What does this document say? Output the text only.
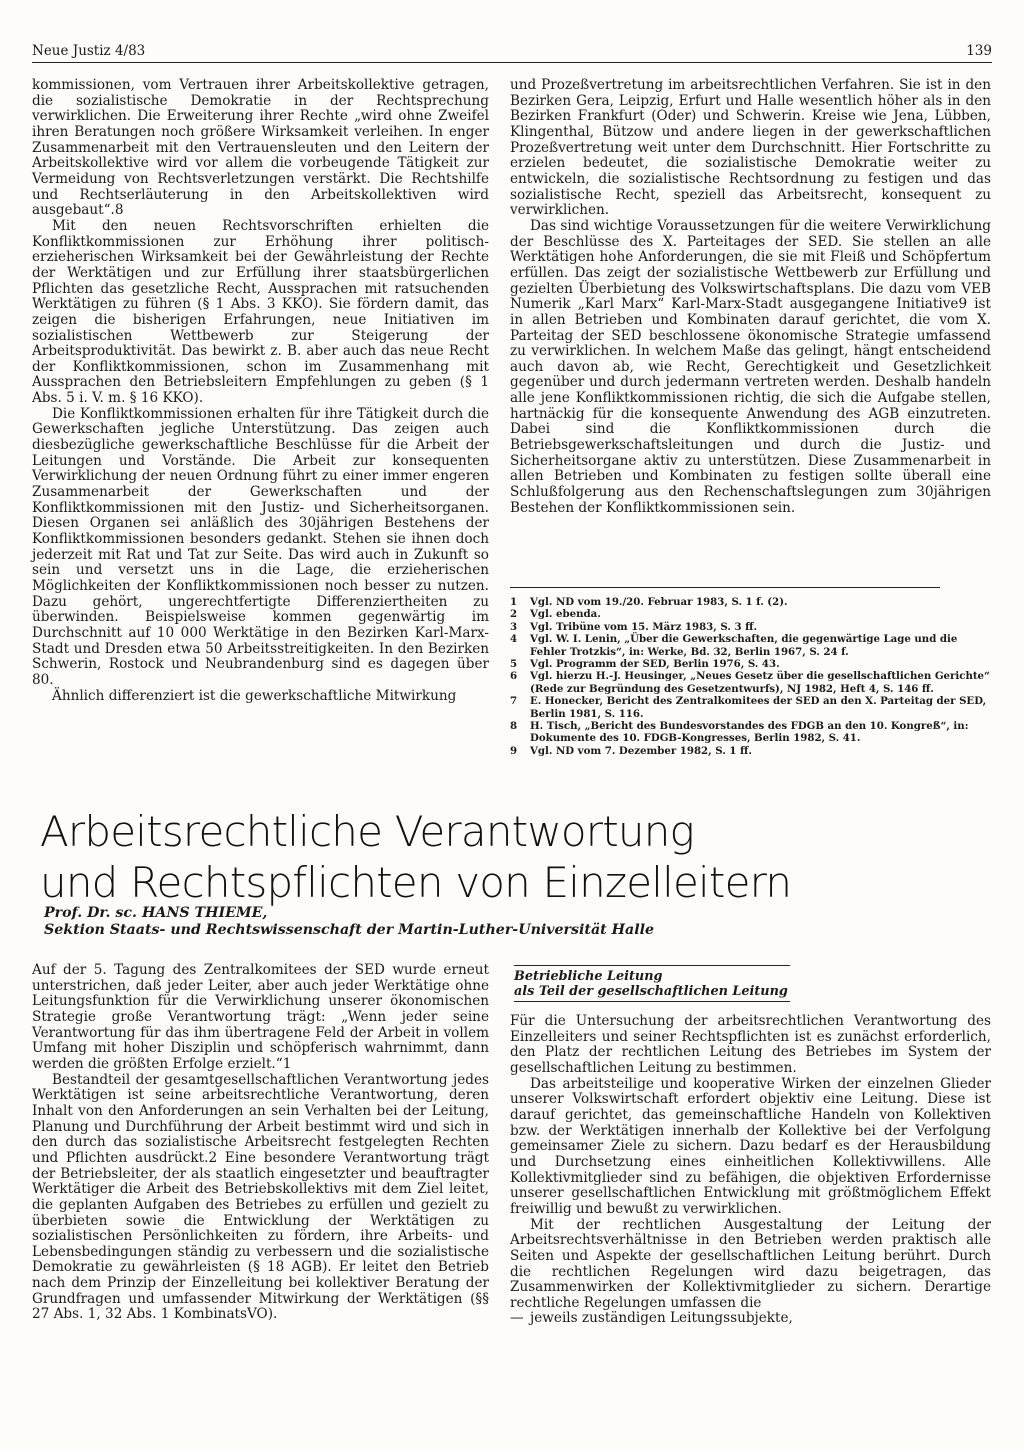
Neue Justiz 4/83	139

kommissionen, vom Vertrauen ihrer Arbeitskollektive getragen, die sozialistische Demokratie in der Rechtsprechung verwirklichen. Die Erweiterung ihrer Rechte „wird ohne Zweifel ihren Beratungen noch größere Wirksamkeit verleihen. In enger Zusammenarbeit mit den Vertrauensleuten und den Leitern der Arbeitskollektive wird vor allem die vorbeugende Tätigkeit zur Vermeidung von Rechtsverletzungen verstärkt. Die Rechtshilfe und Rechtserläuterung in den Arbeitskollektiven wird ausgebaut“.8

Mit den neuen Rechtsvorschriften erhielten die Konfliktkommissionen zur Erhöhung ihrer politisch-erzieherischen Wirksamkeit bei der Gewährleistung der Rechte der Werktätigen und zur Erfüllung ihrer staatsbürgerlichen Pflichten das gesetzliche Recht, Aussprachen mit ratsuchenden Werktätigen zu führen (§ 1 Abs. 3 KKO). Sie fördern damit, das zeigen die bisherigen Erfahrungen, neue Initiativen im sozialistischen Wettbewerb zur Steigerung der Arbeitsproduktivität. Das bewirkt z. B. aber auch das neue Recht der Konfliktkommissionen, schon im Zusammenhang mit Aussprachen den Betriebsleitern Empfehlungen zu geben (§ 1 Abs. 5 i. V. m. § 16 KKO).

Die Konfliktkommissionen erhalten für ihre Tätigkeit durch die Gewerkschaften jegliche Unterstützung. Das zeigen auch diesbezügliche gewerkschaftliche Beschlüsse für die Arbeit der Leitungen und Vorstände. Die Arbeit zur konsequenten Verwirklichung der neuen Ordnung führt zu einer immer engeren Zusammenarbeit der Gewerkschaften und der Konfliktkommissionen mit den Justiz- und Sicherheitsorganen. Diesen Organen sei anläßlich des 30jährigen Bestehens der Konfliktkommissionen besonders gedankt. Stehen sie ihnen doch jederzeit mit Rat und Tat zur Seite. Das wird auch in Zukunft so sein und versetzt uns in die Lage, die erzieherischen Möglichkeiten der Konfliktkommissionen noch besser zu nutzen. Dazu gehört, ungerechtfertigte Differenziertheiten zu überwinden. Beispielsweise kommen gegenwärtig im Durchschnitt auf 10 000 Werktätige in den Bezirken Karl-Marx-Stadt und Dresden etwa 50 Arbeitsstreitigkeiten. In den Bezirken Schwerin, Rostock und Neubrandenburg sind es dagegen über 80.

Ähnlich differenziert ist die gewerkschaftliche Mitwirkung

und Prozeßvertretung im arbeitsrechtlichen Verfahren. Sie ist in den Bezirken Gera, Leipzig, Erfurt und Halle wesentlich höher als in den Bezirken Frankfurt (Oder) und Schwerin. Kreise wie Jena, Lübben, Klingenthal, Bützow und andere liegen in der gewerkschaftlichen Prozeßvertretung weit unter dem Durchschnitt. Hier Fortschritte zu erzielen bedeutet, die sozialistische Demokratie weiter zu entwickeln, die sozialistische Rechtsordnung zu festigen und das sozialistische Recht, speziell das Arbeitsrecht, konsequent zu verwirklichen.

Das sind wichtige Voraussetzungen für die weitere Verwirklichung der Beschlüsse des X. Parteitages der SED. Sie stellen an alle Werktätigen hohe Anforderungen, die sie mit Fleiß und Schöpfertum erfüllen. Das zeigt der sozialistische Wettbewerb zur Erfüllung und gezielten Überbietung des Volkswirtschaftsplans. Die dazu vom VEB Numerik „Karl Marx“ Karl-Marx-Stadt ausgegangene Initiative9 ist in allen Betrieben und Kombinaten darauf gerichtet, die vom X. Parteitag der SED beschlossene ökonomische Strategie umfassend zu verwirklichen. In welchem Maße das gelingt, hängt entscheidend auch davon ab, wie Recht, Gerechtigkeit und Gesetzlichkeit gegenüber und durch jedermann vertreten werden. Deshalb handeln alle jene Konfliktkommissionen richtig, die sich die Aufgabe stellen, hartnäckig für die konsequente Anwendung des AGB einzutreten. Dabei sind die Konfliktkommissionen durch die Betriebsgewerkschaftsleitungen und durch die Justiz- und Sicherheitsorgane aktiv zu unterstützen. Diese Zusammenarbeit in allen Betrieben und Kombinaten zu festigen sollte überall eine Schlußfolgerung aus den Rechenschaftslegungen zum 30jährigen Bestehen der Konfliktkommissionen sein.

1	Vgl. ND vom 19./20. Februar 1983, S. 1 f. (2).
2	Vgl. ebenda.
3	Vgl. Tribüne vom 15. März 1983, S. 3 ff.
4	Vgl. W. I. Lenin, „Über die Gewerkschaften, die gegenwärtige Lage und die Fehler Trotzkis“, in: Werke, Bd. 32, Berlin 1967, S. 24 f.
5	Vgl. Programm der SED, Berlin 1976, S. 43.
6	Vgl. hierzu H.-J. Heusinger, „Neues Gesetz über die gesellschaftlichen Gerichte“ (Rede zur Begründung des Gesetzentwurfs), NJ 1982, Heft 4, S. 146 ff.
7	E. Honecker, Bericht des Zentralkomitees der SED an den X. Parteitag der SED, Berlin 1981, S. 116.
8	H. Tisch, „Bericht des Bundesvorstandes des FDGB an den 10. Kongreß“, in: Dokumente des 10. FDGB-Kongresses, Berlin 1982, S. 41.
9	Vgl. ND vom 7. Dezember 1982, S. 1 ff.
Arbeitsrechtliche Verantwortung
und Rechtspflichten von Einzelleitern
Prof. Dr. sc. HANS THIEME,
Sektion Staats- und Rechtswissenschaft der Martin-Luther-Universität Halle

Auf der 5. Tagung des Zentralkomitees der SED wurde erneut unterstrichen, daß jeder Leiter, aber auch jeder Werktätige ohne Leitungsfunktion für die Verwirklichung unserer ökonomischen Strategie große Verantwortung trägt: „Wenn jeder seine Verantwortung für das ihm übertragene Feld der Arbeit in vollem Umfang mit hoher Disziplin und schöpferisch wahrnimmt, dann werden die größten Erfolge erzielt.“1

Bestandteil der gesamtgesellschaftlichen Verantwortung jedes Werktätigen ist seine arbeitsrechtliche Verantwortung, deren Inhalt von den Anforderungen an sein Verhalten bei der Leitung, Planung und Durchführung der Arbeit bestimmt wird und sich in den durch das sozialistische Arbeitsrecht festgelegten Rechten und Pflichten ausdrückt.2 Eine besondere Verantwortung trägt der Betriebsleiter, der als staatlich eingesetzter und beauftragter Werktätiger die Arbeit des Betriebskollektivs mit dem Ziel leitet, die geplanten Aufgaben des Betriebes zu erfüllen und gezielt zu überbieten sowie die Entwicklung der Werktätigen zu sozialistischen Persönlichkeiten zu fördern, ihre Arbeits- und Lebensbedingungen ständig zu verbessern und die sozialistische Demokratie zu gewährleisten (§ 18 AGB). Er leitet den Betrieb nach dem Prinzip der Einzelleitung bei kollektiver Beratung der Grundfragen und umfassender Mitwirkung der Werktätigen (§§ 27 Abs. 1, 32 Abs. 1 KombinatsVO).

Betriebliche Leitung
als Teil der gesellschaftlichen Leitung

Für die Untersuchung der arbeitsrechtlichen Verantwortung des Einzelleiters und seiner Rechtspflichten ist es zunächst erforderlich, den Platz der rechtlichen Leitung des Betriebes im System der gesellschaftlichen Leitung zu bestimmen.

Das arbeitsteilige und kooperative Wirken der einzelnen Glieder unserer Volkswirtschaft erfordert objektiv eine Leitung. Diese ist darauf gerichtet, das gemeinschaftliche Handeln von Kollektiven bzw. der Werktätigen innerhalb der Kollektive bei der Verfolgung gemeinsamer Ziele zu sichern. Dazu bedarf es der Herausbildung und Durchsetzung eines einheitlichen Kollektivwillens. Alle Kollektivmitglieder sind zu befähigen, die objektiven Erfordernisse unserer gesellschaftlichen Entwicklung mit größtmöglichem Effekt freiwillig und bewußt zu verwirklichen.

Mit der rechtlichen Ausgestaltung der Leitung der Arbeitsrechtsverhältnisse in den Betrieben werden praktisch alle Seiten und Aspekte der gesellschaftlichen Leitung berührt. Durch die rechtlichen Regelungen wird dazu beigetragen, das Zusammenwirken der Kollektivmitglieder zu sichern. Derartige rechtliche Regelungen umfassen die

— jeweils zuständigen Leitungssubjekte,
